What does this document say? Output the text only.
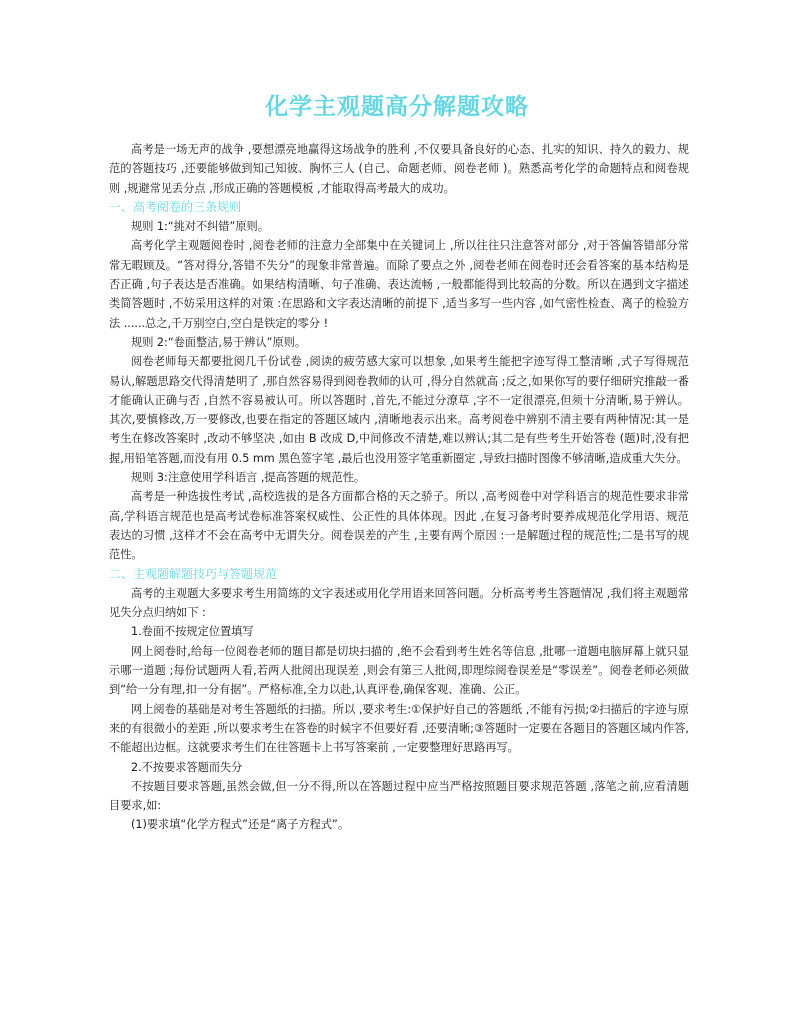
化学主观题高分解题攻略

高考是一场无声的战争 ,要想漂亮地赢得这场战争的胜利 ,不仅要具备良好的心态、扎实的知识、持久的毅力、规范的答题技巧 ,还要能够做到知己知彼、胸怀三人 (自己、命题老师、阅卷老师 )。熟悉高考化学的命题特点和阅卷规则 ,规避常见丢分点 ,形成正确的答题模板 ,才能取得高考最大的成功。

一、高考阅卷的三条规则

规则 1:“挑对不纠错”原则。

高考化学主观题阅卷时 ,阅卷老师的注意力全部集中在关键词上 ,所以往往只注意答对部分 ,对于答偏答错部分常常无暇顾及。“答对得分,答错不失分”的现象非常普遍。而除了要点之外 ,阅卷老师在阅卷时还会看答案的基本结构是否正确 ,句子表达是否准确。如果结构清晰、句子准确、表达流畅 ,一般都能得到比较高的分数。所以在遇到文字描述类简答题时 ,不妨采用这样的对策 :在思路和文字表达清晰的前提下 ,适当多写一些内容 ,如气密性检查、离子的检验方法 ......总之,千万别空白,空白是铁定的零分 !

规则 2:“卷面整洁,易于辨认”原则。

阅卷老师每天都要批阅几千份试卷 ,阅读的疲劳感大家可以想象 ,如果考生能把字迹写得工整清晰 ,式子写得规范易认,解题思路交代得清楚明了 ,那自然容易得到阅卷教师的认可 ,得分自然就高 ;反之,如果你写的要仔细研究推敲一番才能确认正确与否 ,自然不容易被认可。所以答题时 ,首先,不能过分潦草 ,字不一定很漂亮,但须十分清晰,易于辨认。其次,要慎修改,万一要修改,也要在指定的答题区域内 ,清晰地表示出来。高考阅卷中辨别不清主要有两种情况:其一是考生在修改答案时 ,改动不够坚决 ,如由 B 改成 D,中间修改不清楚,难以辨认;其二是有些考生开始答卷 (题)时,没有把握,用铅笔答题,而没有用 0.5 mm 黑色签字笔 ,最后也没用签字笔重新圈定 ,导致扫描时图像不够清晰,造成重大失分。

规则 3:注意使用学科语言 ,提高答题的规范性。

高考是一种选拔性考试 ,高校选拔的是各方面都合格的天之骄子。所以 ,高考阅卷中对学科语言的规范性要求非常高,学科语言规范也是高考试卷标准答案权威性、公正性的具体体现。因此 ,在复习备考时要养成规范化学用语、规范表达的习惯 ,这样才不会在高考中无谓失分。阅卷误差的产生 ,主要有两个原因 :一是解题过程的规范性;二是书写的规范性。

二、主观题解题技巧与答题规范

高考的主观题大多要求考生用简练的文字表述或用化学用语来回答问题。分析高考考生答题情况 ,我们将主观题常见失分点归纳如下 :

1.卷面不按规定位置填写

网上阅卷时,给每一位阅卷老师的题目都是切块扫描的 ,绝不会看到考生姓名等信息 ,批哪一道题电脑屏幕上就只显示哪一道题 ;每份试题两人看,若两人批阅出现误差 ,则会有第三人批阅,即理综阅卷误差是“零误差”。阅卷老师必须做到“给一分有理,扣一分有据”。严格标准,全力以赴,认真评卷,确保客观、准确、公正。

网上阅卷的基础是对考生答题纸的扫描。所以 ,要求考生:①保护好自己的答题纸 ,不能有污损;②扫描后的字迹与原来的有很微小的差距 ,所以要求考生在答卷的时候字不但要好看 ,还要清晰;③答题时一定要在各题目的答题区域内作答,不能超出边框。这就要求考生们在往答题卡上书写答案前 ,一定要整理好思路再写。

2.不按要求答题而失分

不按题目要求答题,虽然会做,但一分不得,所以在答题过程中应当严格按照题目要求规范答题 ,落笔之前,应看清题目要求,如:

(1)要求填“化学方程式”还是“离子方程式”。
